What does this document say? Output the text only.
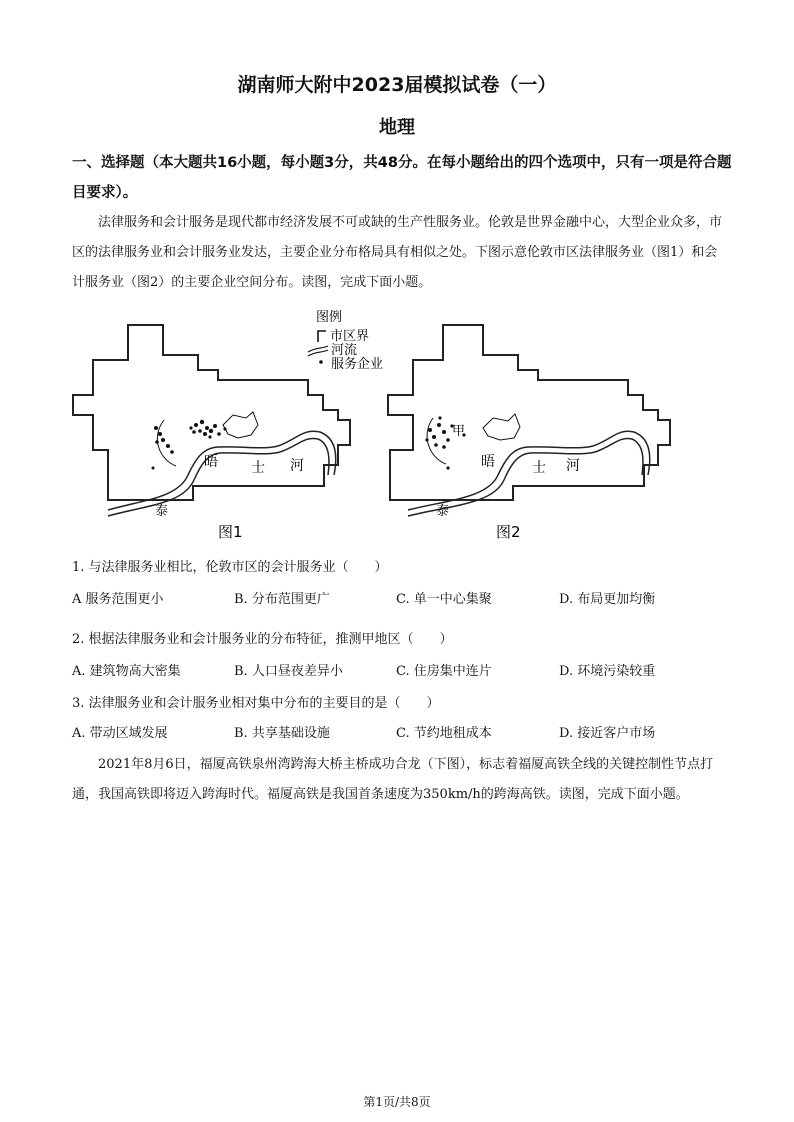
湖南师大附中2023届模拟试卷（一）
地理
一、选择题（本大题共16小题，每小题3分，共48分。在每小题给出的四个选项中，只有一项是符合题目要求）。

法律服务和会计服务是现代都市经济发展不可或缺的生产性服务业。伦敦是世界金融中心，大型企业众多，市区的法律服务业和会计服务业发达，主要企业分布格局具有相似之处。下图示意伦敦市区法律服务业（图1）和会计服务业（图2）的主要企业空间分布。读图，完成下面小题。

晤 士 河
泰
图1
图例
市区界
河流
服务企业
甲
晤	士 河
泰
图2
1. 与法律服务业相比，伦敦市区的会计服务业（　　）
A 服务范围更小	B. 分布范围更广	C. 单一中心集聚	D. 布局更加均衡
2. 根据法律服务业和会计服务业的分布特征，推测甲地区（　　）
A. 建筑物高大密集	B. 人口昼夜差异小	C. 住房集中连片	D. 环境污染较重
3. 法律服务业和会计服务业相对集中分布的主要目的是（　　）
A. 带动区域发展	B. 共享基础设施	C. 节约地租成本	D. 接近客户市场

2021年8月6日，福厦高铁泉州湾跨海大桥主桥成功合龙（下图），标志着福厦高铁全线的关键控制性节点打通，我国高铁即将迈入跨海时代。福厦高铁是我国首条速度为350km/h的跨海高铁。读图，完成下面小题。

第1页/共8页
